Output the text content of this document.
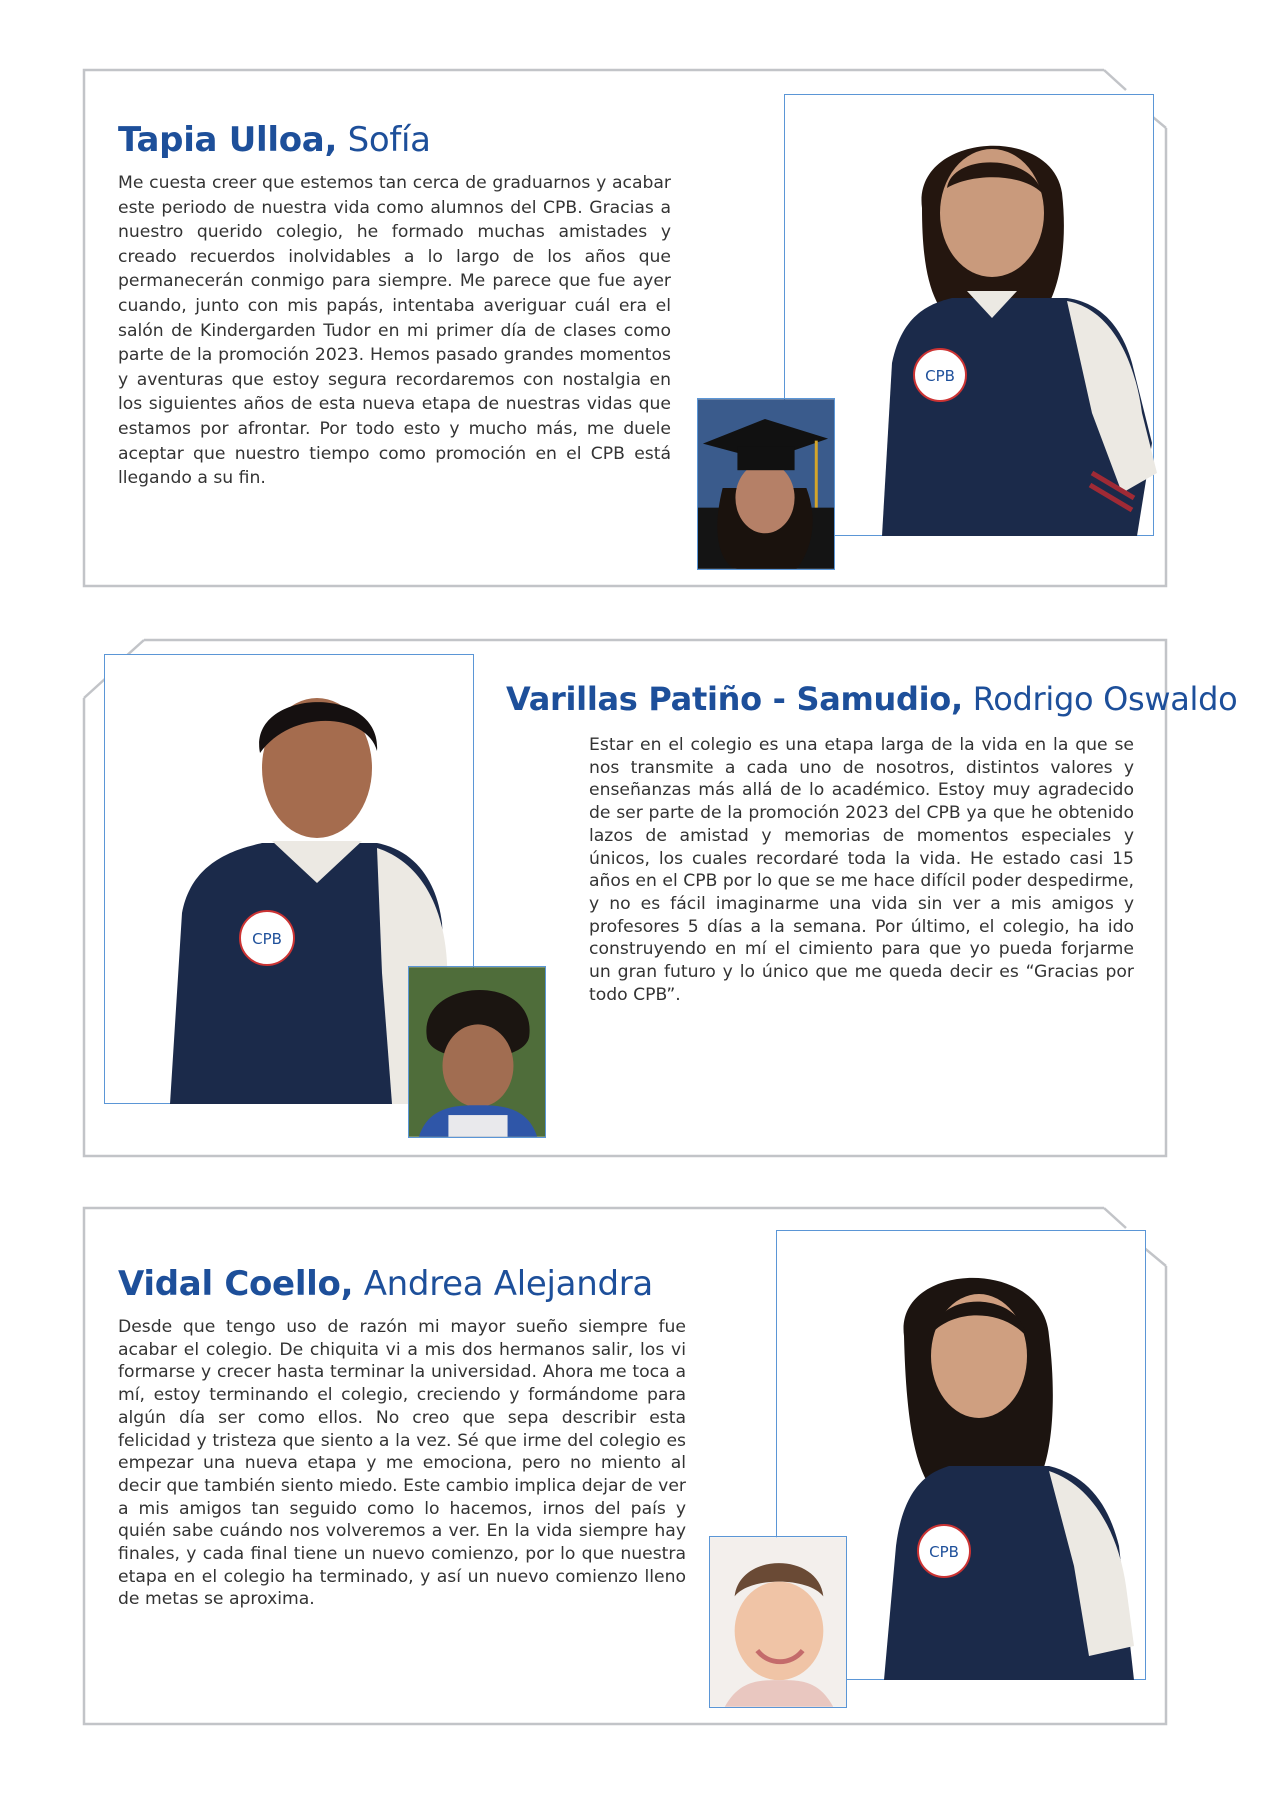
Tapia Ulloa, Sofía
Me cuesta creer que estemos tan cerca de graduarnos y acabar este periodo de nuestra vida como alumnos del CPB. Gracias a nuestro querido colegio, he formado muchas amistades y creado recuerdos inolvidables a lo largo de los años que permanecerán conmigo para siempre. Me parece que fue ayer cuando, junto con mis papás, intentaba averiguar cuál era el salón de Kindergarden Tudor en mi primer día de clases como parte de la promoción 2023. Hemos pasado grandes momentos y aventuras que estoy segura recordaremos con nostalgia en los siguientes años de esta nueva etapa de nuestras vidas que estamos por afrontar. Por todo esto y mucho más, me duele aceptar que nuestro tiempo como promoción en el CPB está llegando a su fin.
CPB
Varillas Patiño - Samudio, Rodrigo Oswaldo
Estar en el colegio es una etapa larga de la vida en la que se nos transmite a cada uno de nosotros, distintos valores y enseñanzas más allá de lo académico. Estoy muy agradecido de ser parte de la promoción 2023 del CPB ya que he obtenido lazos de amistad y memorias de momentos especiales y únicos, los cuales recordaré toda la vida. He estado casi 15 años en el CPB por lo que se me hace difícil poder despedirme, y no es fácil imaginarme una vida sin ver a mis amigos y profesores 5 días a la semana. Por último, el colegio, ha ido construyendo en mí el cimiento para que yo pueda forjarme un gran futuro y lo único que me queda decir es “Gracias por todo CPB”.
CPB
Vidal Coello, Andrea Alejandra
Desde que tengo uso de razón mi mayor sueño siempre fue acabar el colegio. De chiquita vi a mis dos hermanos salir, los vi formarse y crecer hasta terminar la universidad. Ahora me toca a mí, estoy terminando el colegio, creciendo y formándome para algún día ser como ellos. No creo que sepa describir esta felicidad y tristeza que siento a la vez. Sé que irme del colegio es empezar una nueva etapa y me emociona, pero no miento al decir que también siento miedo. Este cambio implica dejar de ver a mis amigos tan seguido como lo hacemos, irnos del país y quién sabe cuándo nos volveremos a ver. En la vida siempre hay finales, y cada final tiene un nuevo comienzo, por lo que nuestra etapa en el colegio ha terminado, y así un nuevo comienzo lleno de metas se aproxima.
CPB
